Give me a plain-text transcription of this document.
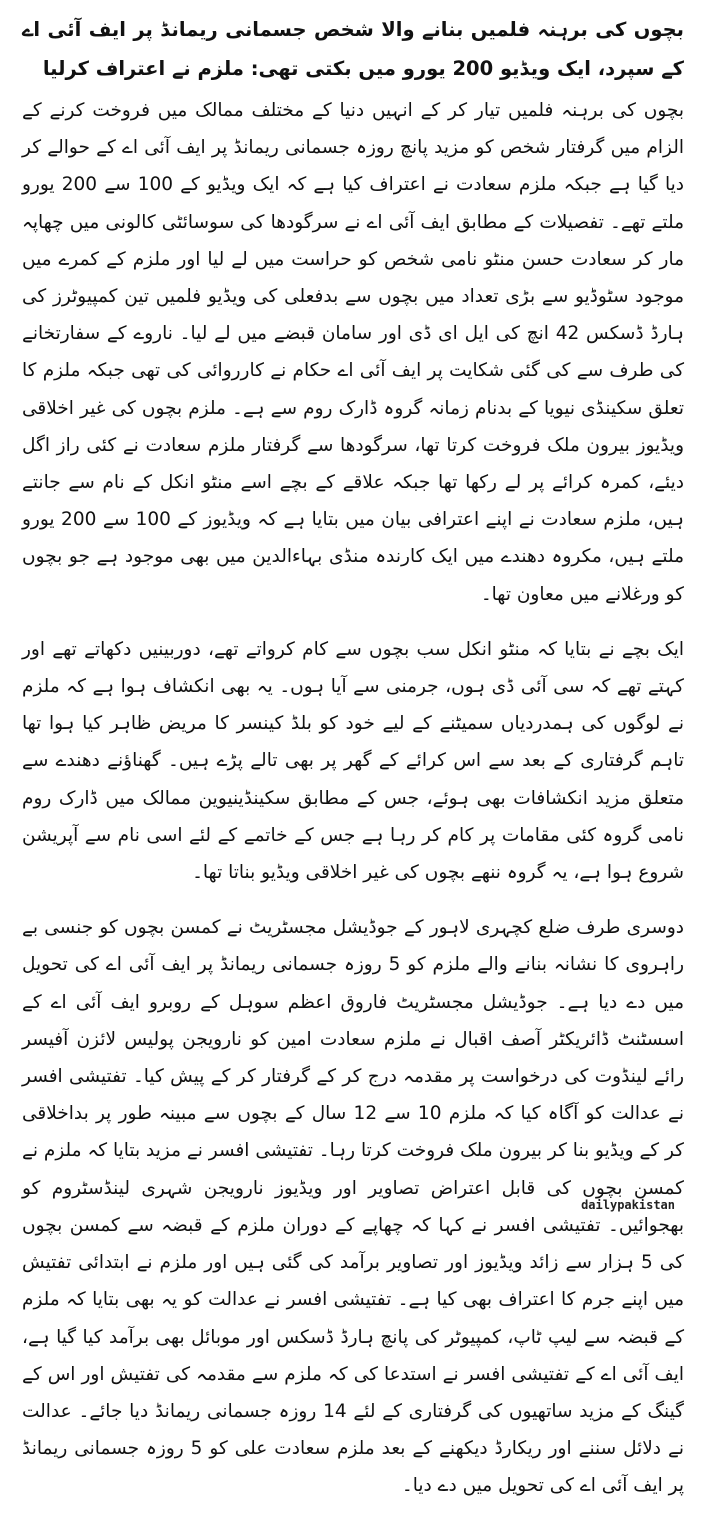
بچوں کی برہنہ فلمیں بنانے والا شخص جسمانی ریمانڈ پر ایف آئی اے کے سپرد، ایک ویڈیو 200 یورو میں بکتی تھی: ملزم نے اعتراف کرلیا

بچوں کی برہنہ فلمیں تیار کر کے انہیں دنیا کے مختلف ممالک میں فروخت کرنے کے الزام میں گرفتار شخص کو مزید پانچ روزہ جسمانی ریمانڈ پر ایف آئی اے کے حوالے کر دیا گیا ہے جبکہ ملزم سعادت نے اعتراف کیا ہے کہ ایک ویڈیو کے 100 سے 200 یورو ملتے تھے۔ تفصیلات کے مطابق ایف آئی اے نے سرگودھا کی سوسائٹی کالونی میں چھاپہ مار کر سعادت حسن منٹو نامی شخص کو حراست میں لے لیا اور ملزم کے کمرے میں موجود سٹوڈیو سے بڑی تعداد میں بچوں سے بدفعلی کی ویڈیو فلمیں تین کمپیوٹرز کی ہارڈ ڈسکس 42 انچ کی ایل ای ڈی اور سامان قبضے میں لے لیا۔ ناروے کے سفارتخانے کی طرف سے کی گئی شکایت پر ایف آئی اے حکام نے کارروائی کی تھی جبکہ ملزم کا تعلق سکینڈی نیویا کے بدنام زمانہ گروہ ڈارک روم سے ہے۔ ملزم بچوں کی غیر اخلاقی ویڈیوز بیرون ملک فروخت کرتا تھا، سرگودھا سے گرفتار ملزم سعادت نے کئی راز اگل دیئے، کمرہ کرائے پر لے رکھا تھا جبکہ علاقے کے بچے اسے منٹو انکل کے نام سے جانتے ہیں، ملزم سعادت نے اپنے اعترافی بیان میں بتایا ہے کہ ویڈیوز کے 100 سے 200 یورو ملتے ہیں، مکروہ دھندے میں ایک کارندہ منڈی بہاءالدین میں بھی موجود ہے جو بچوں کو ورغلانے میں معاون تھا۔

ایک بچے نے بتایا کہ منٹو انکل سب بچوں سے کام کرواتے تھے، دوربینیں دکھاتے تھے اور کہتے تھے کہ سی آئی ڈی ہوں، جرمنی سے آیا ہوں۔ یہ بھی انکشاف ہوا ہے کہ ملزم نے لوگوں کی ہمدردیاں سمیٹنے کے لیے خود کو بلڈ کینسر کا مریض ظاہر کیا ہوا تھا تاہم گرفتاری کے بعد سے اس کرائے کے گھر پر بھی تالے پڑے ہیں۔ گھناؤنے دھندے سے متعلق مزید انکشافات بھی ہوئے، جس کے مطابق سکینڈینیوین ممالک میں ڈارک روم نامی گروہ کئی مقامات پر کام کر رہا ہے جس کے خاتمے کے لئے اسی نام سے آپریشن شروع ہوا ہے، یہ گروہ ننھے بچوں کی غیر اخلاقی ویڈیو بناتا تھا۔

دوسری طرف ضلع کچہری لاہور کے جوڈیشل مجسٹریٹ نے کمسن بچوں کو جنسی بے راہروی کا نشانہ بنانے والے ملزم کو 5 روزہ جسمانی ریمانڈ پر ایف آئی اے کی تحویل میں دے دیا ہے۔ جوڈیشل مجسٹریٹ فاروق اعظم سوہل کے روبرو ایف آئی اے کے اسسٹنٹ ڈائریکٹر آصف اقبال نے ملزم سعادت امین کو نارویجن پولیس لائزن آفیسر رائے لینڈوت کی درخواست پر مقدمہ درج کر کے گرفتار کر کے پیش کیا۔ تفتیشی افسر نے عدالت کو آگاہ کیا کہ ملزم 10 سے 12 سال کے بچوں سے مبینہ طور پر بداخلاقی کر کے ویڈیو بنا کر بیرون ملک فروخت کرتا رہا۔ تفتیشی افسر نے مزید بتایا کہ ملزم نے کمسن بچوں کی قابل اعتراض تصاویر اور ویڈیوز نارویجن شہری لینڈسٹروم کو بھجوائیں۔ تفتیشی افسر نے کہا کہ چھاپے کے دوران ملزم کے قبضہ سے کمسن بچوں کی 5 ہزار سے زائد ویڈیوز اور تصاویر برآمد کی گئی ہیں اور ملزم نے ابتدائی تفتیش میں اپنے جرم کا اعتراف بھی کیا ہے۔ تفتیشی افسر نے عدالت کو یہ بھی بتایا کہ ملزم کے قبضہ سے لیپ ٹاپ، کمپیوٹر کی پانچ ہارڈ ڈسکس اور موبائل بھی برآمد کیا گیا ہے، ایف آئی اے کے تفتیشی افسر نے استدعا کی کہ ملزم سے مقدمہ کی تفتیش اور اس کے گینگ کے مزید ساتھیوں کی گرفتاری کے لئے 14 روزہ جسمانی ریمانڈ دیا جائے۔ عدالت نے دلائل سننے اور ریکارڈ دیکھنے کے بعد ملزم سعادت علی کو 5 روزہ جسمانی ریمانڈ پر ایف آئی اے کی تحویل میں دے دیا۔

dailypakistan
